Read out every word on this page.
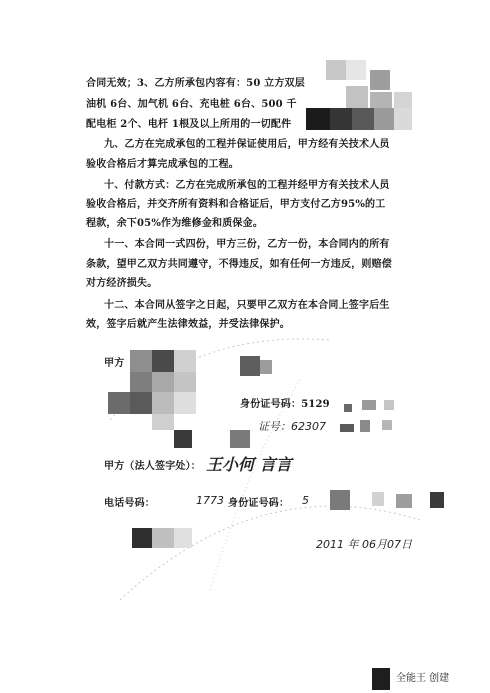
合同无效；3、乙方所承包内容有：50 立方双层
油机 6台、加气机 6台、充电桩 6台、500 千
配电柜 2个、电杆 1根及以上所用的一切配件
九、乙方在完成承包的工程并保证使用后，甲方经有关技术人员
验收合格后才算完成承包的工程。
十、付款方式：乙方在完成所承包的工程并经甲方有关技术人员
验收合格后，并交齐所有资料和合格证后，甲方支付乙方95%的工
程款，余下05%作为维修金和质保金。
十一、本合同一式四份，甲方三份，乙方一份，本合同内的所有
条款，望甲乙双方共同遵守，不得违反，如有任何一方违反，则赔偿
对方经济损失。
十二、本合同从签字之日起，只要甲乙双方在本合同上签字后生
效，签字后就产生法律效益，并受法律保护。
甲方
身份证号码：5129
证号：62307
甲方（法人签字处）： 王小何 言言
电话号码：	1773 身份证号码： 5
2011 年 06月07日
全能王 创建
